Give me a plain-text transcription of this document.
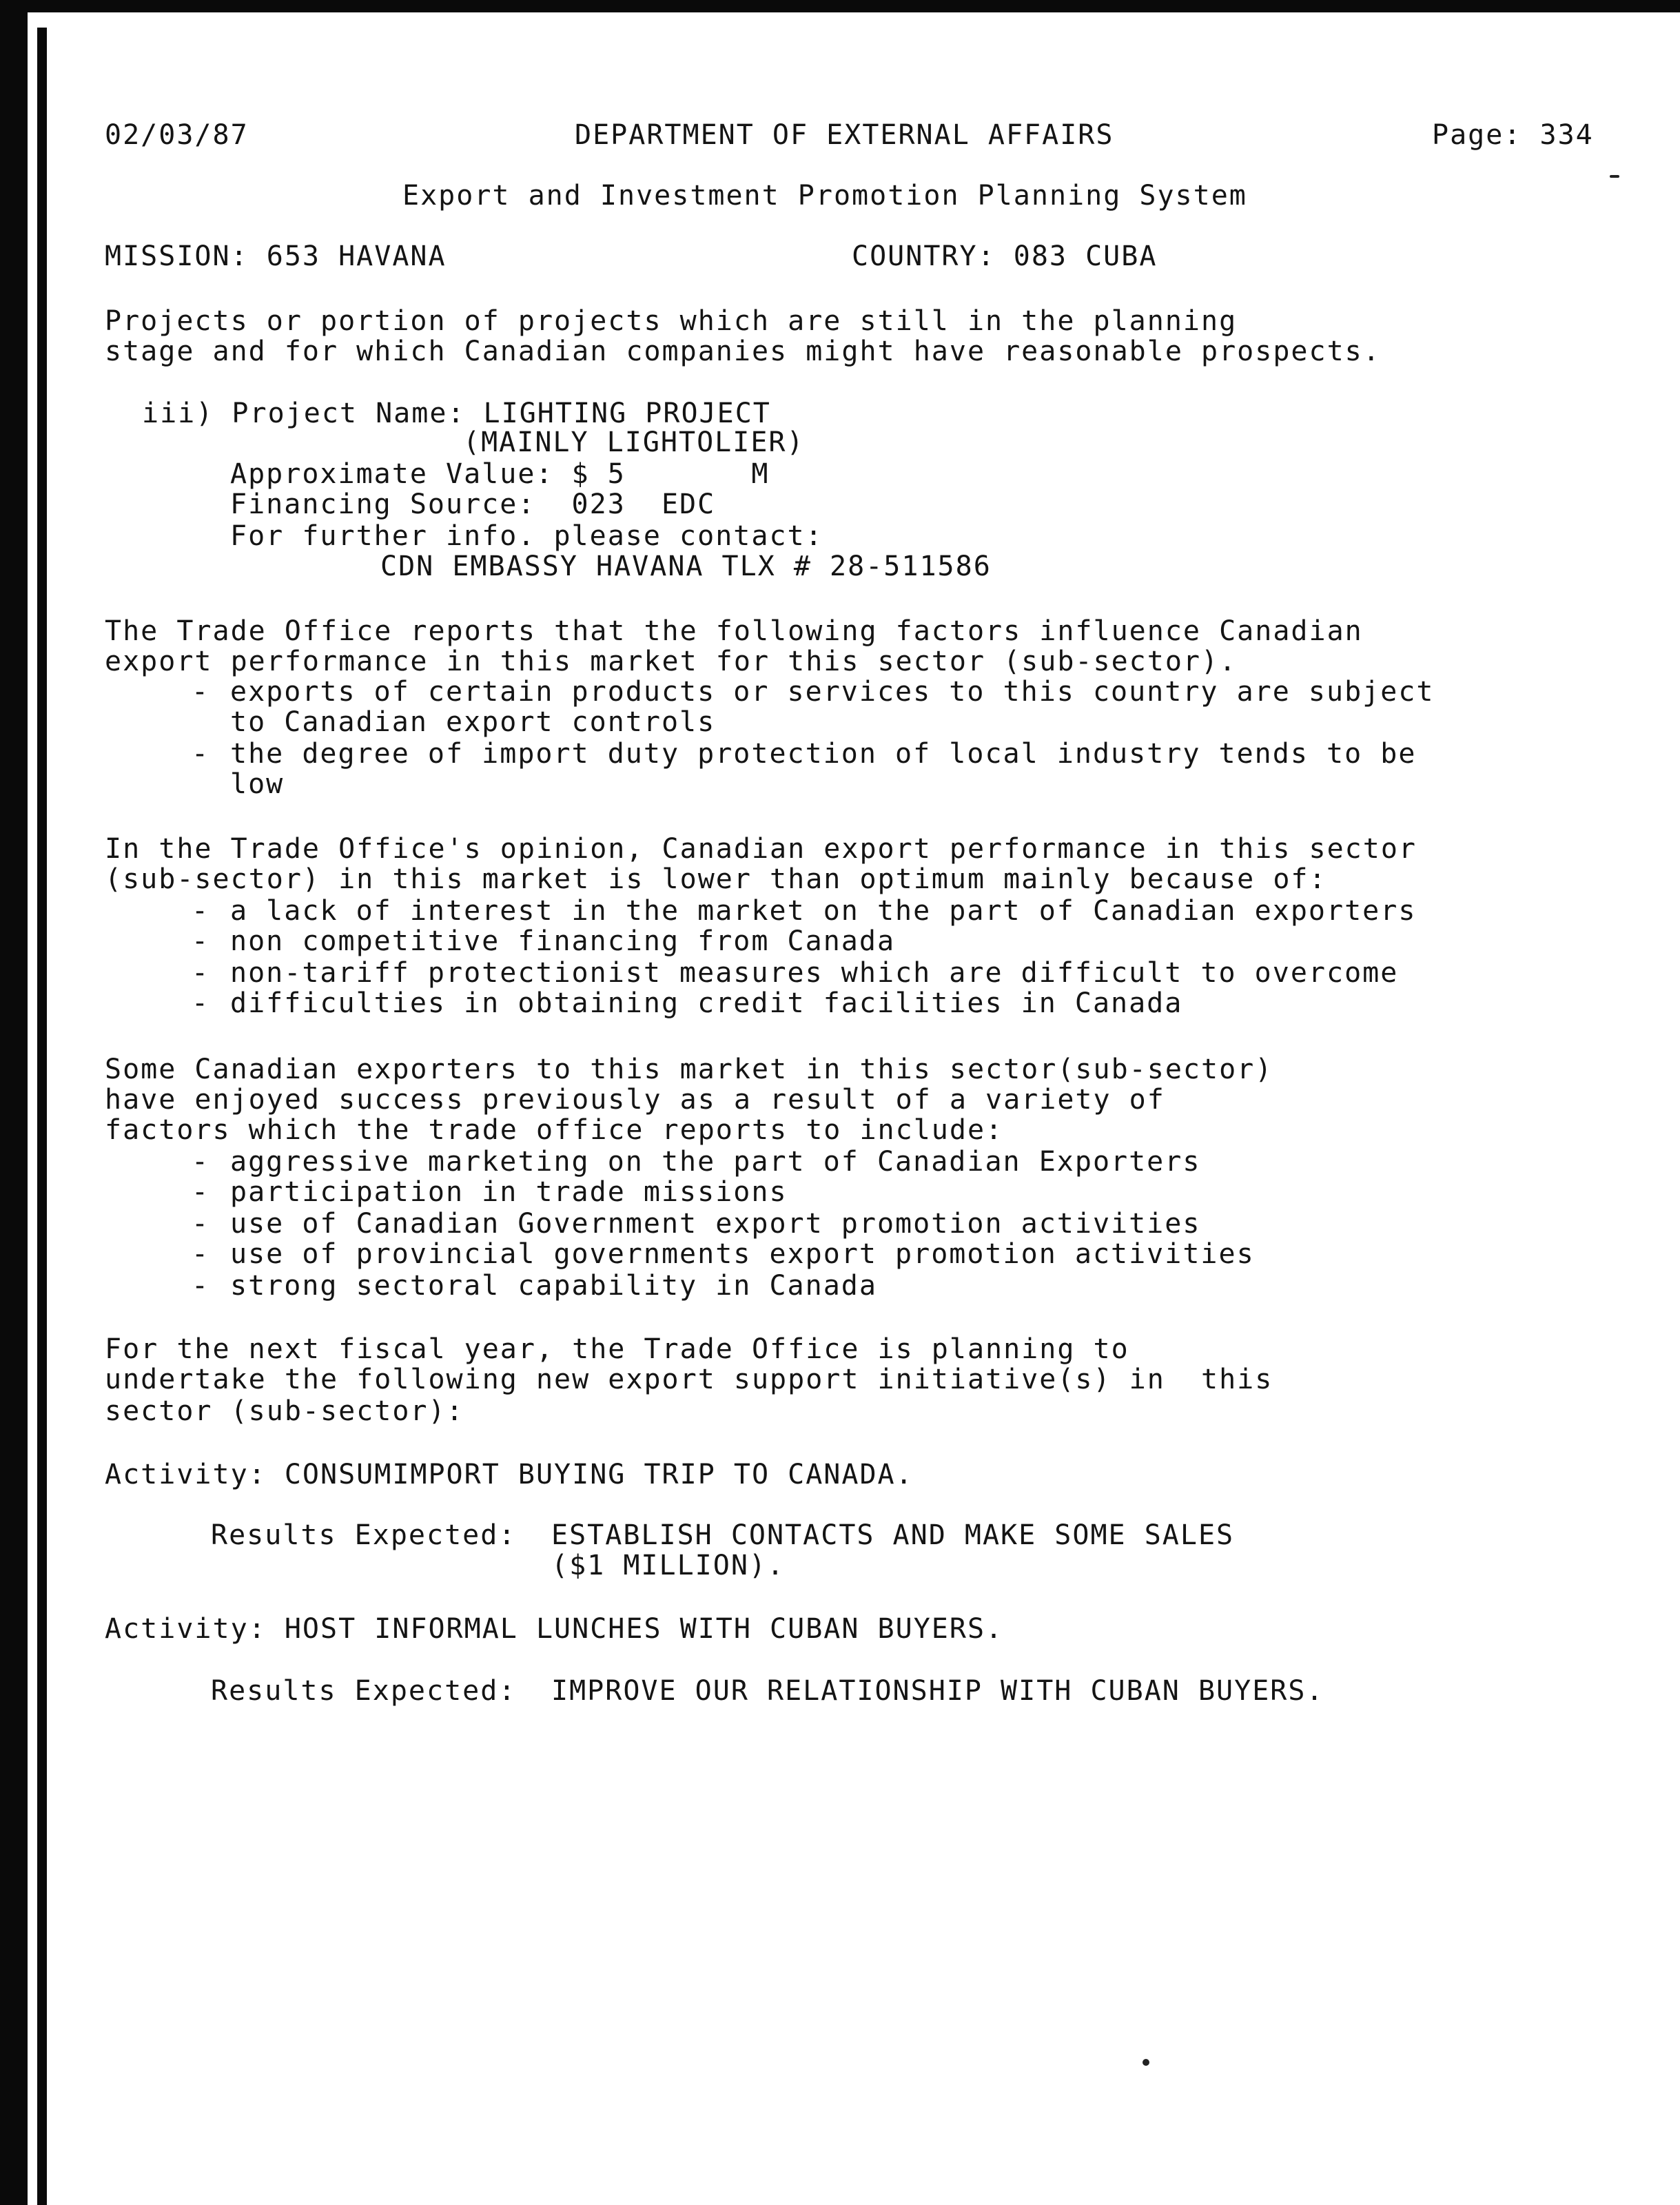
02/03/87	DEPARTMENT OF EXTERNAL AFFAIRS	Page: 334
Export and Investment Promotion Planning System
MISSION: 653 HAVANA	COUNTRY: 083 CUBA
Projects or portion of projects which are still in the planning
stage and for which Canadian companies might have reasonable prospects.
iii) Project Name: LIGHTING PROJECT
(MAINLY LIGHTOLIER)
Approximate Value: $ 5       M
Financing Source:  023  EDC
For further info. please contact:
CDN EMBASSY HAVANA TLX # 28-511586
The Trade Office reports that the following factors influence Canadian
export performance in this market for this sector (sub-sector).
- exports of certain products or services to this country are subject
to Canadian export controls
- the degree of import duty protection of local industry tends to be
low
In the Trade Office's opinion, Canadian export performance in this sector
(sub-sector) in this market is lower than optimum mainly because of:
- a lack of interest in the market on the part of Canadian exporters
- non competitive financing from Canada
- non-tariff protectionist measures which are difficult to overcome
- difficulties in obtaining credit facilities in Canada
Some Canadian exporters to this market in this sector(sub-sector)
have enjoyed success previously as a result of a variety of
factors which the trade office reports to include:
- aggressive marketing on the part of Canadian Exporters
- participation in trade missions
- use of Canadian Government export promotion activities
- use of provincial governments export promotion activities
- strong sectoral capability in Canada
For the next fiscal year, the Trade Office is planning to
undertake the following new export support initiative(s) in  this
sector (sub-sector):
Activity: CONSUMIMPORT BUYING TRIP TO CANADA.
Results Expected: ESTABLISH CONTACTS AND MAKE SOME SALES
($1 MILLION).
Activity: HOST INFORMAL LUNCHES WITH CUBAN BUYERS.
Results Expected: IMPROVE OUR RELATIONSHIP WITH CUBAN BUYERS.
